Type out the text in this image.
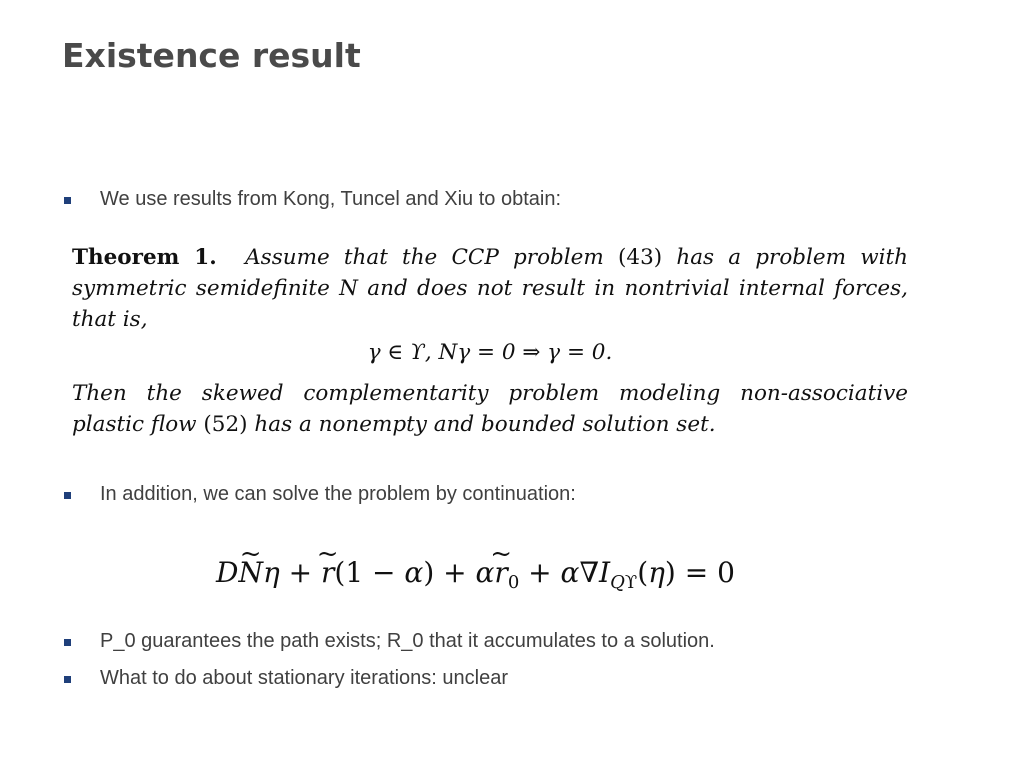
Existence result
We use results from Kong, Tuncel and Xiu to obtain:
Theorem 1. Assume that the CCP problem (43) has a problem with symmetric semidefinite N and does not result in nontrivial internal forces, that is,
γ ∈ ϒ, Nγ = 0 ⇒ γ = 0.
Then the skewed complementarity problem modeling non-associative plastic flow (52) has a nonempty and bounded solution set.
In addition, we can solve the problem by continuation:
D~ Nη + ~ r(1 − α) + α~ $r_0 + \alpha\nabla I_{Qϒ}(\eta) = 0$
P_0 guarantees the path exists; R_0 that it accumulates to a solution.
What to do about stationary iterations: unclear
